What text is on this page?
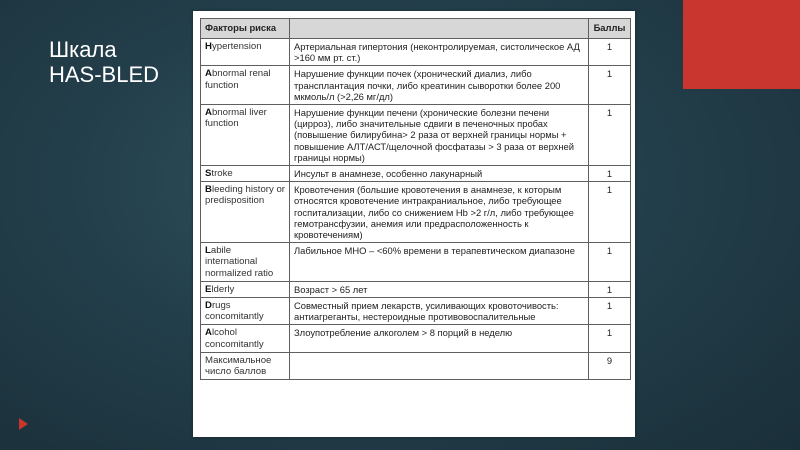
Шкала
HAS-BLED
Факторы риска		Баллы
Hypertension	Артериальная гипертония (неконтролируемая, систолическое АД >160 мм рт. ст.)	1
Abnormal renal function	Нарушение функции почек (хронический диализ, либо трансплантация почки, либо креатинин сыворотки более 200 мкмоль/л (>2,26 мг/дл)	1
Abnormal liver function	Нарушение функции печени (хронические болезни печени (цирроз), либо значительные сдвиги в печеночных пробах (повышение билирубина> 2 раза от верхней границы нормы + повышение АЛТ/АСТ/щелочной фосфатазы > 3 раза от верхней границы нормы)	1
Stroke	Инсульт в анамнезе, особенно лакунарный	1
Bleeding history or predisposition	Кровотечения (большие кровотечения в анамнезе, к которым относятся кровотечение интракраниальное, либо требующее госпитализации, либо со снижением Hb >2 г/л, либо требующее гемотрансфузии, анемия или предрасположенность к кровотечениям)	1
Labile international normalized ratio	Лабильное МНО – <60% времени в терапевтическом диапазоне	1
Elderly	Возраст > 65 лет	1
Drugs concomitantly	Совместный прием лекарств, усиливающих кровоточивость: антиагреганты, нестероидные противовоспалительные	1
Alcohol concomitantly	Злоупотребление алкоголем > 8 порций в неделю	1
Максимальное число баллов		9
